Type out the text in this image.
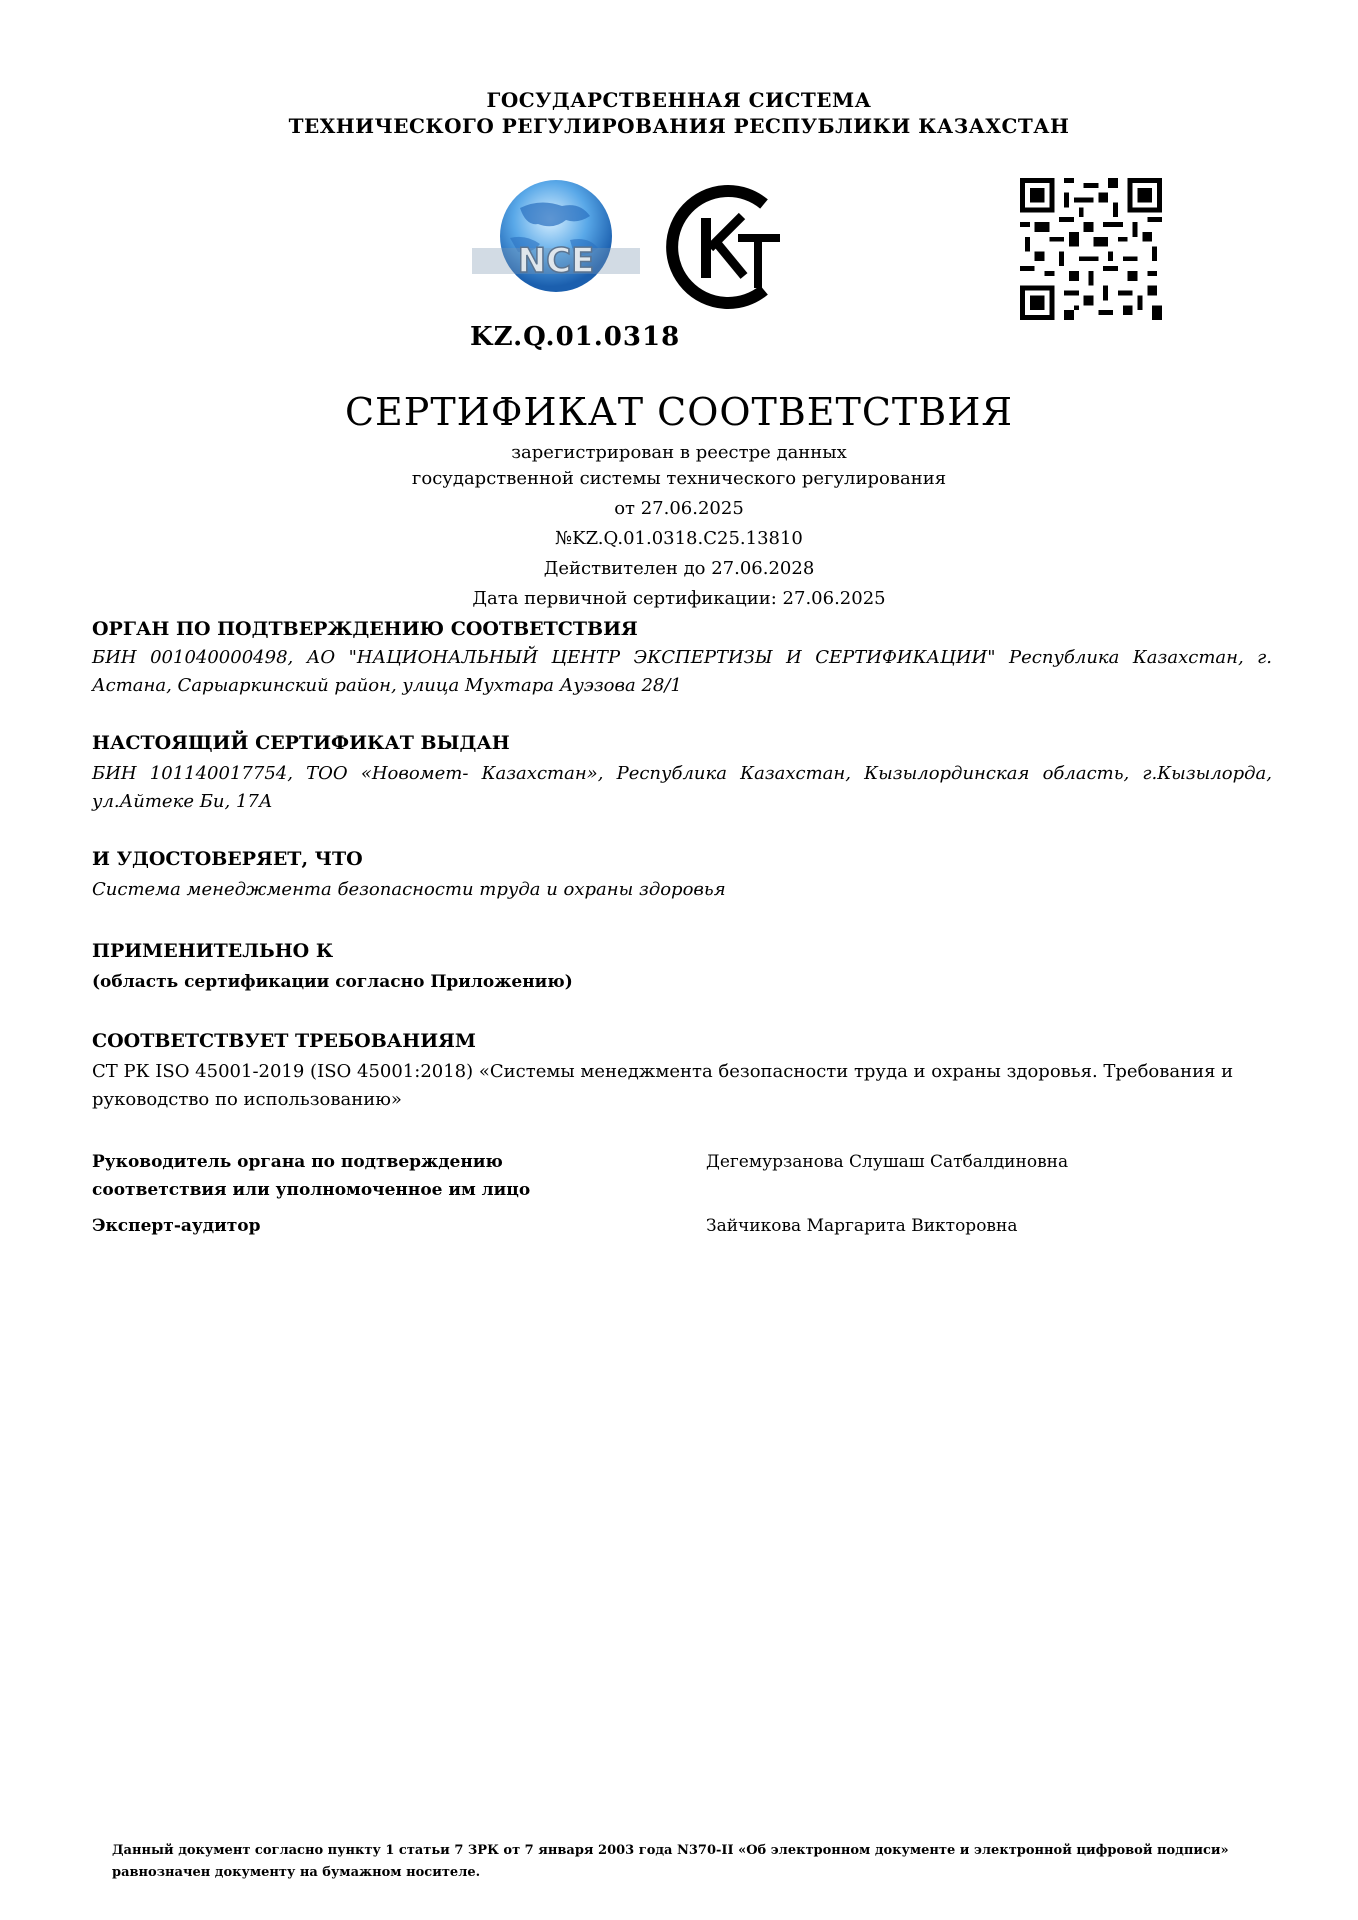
ГОСУДАРСТВЕННАЯ СИСТЕМА
ТЕХНИЧЕСКОГО РЕГУЛИРОВАНИЯ РЕСПУБЛИКИ КАЗАХСТАН
NCE
KZ.Q.01.0318
СЕРТИФИКАТ СООТВЕТСТВИЯ
зарегистрирован в реестре данных
государственной системы технического регулирования
от 27.06.2025
№KZ.Q.01.0318.С25.13810
Действителен до 27.06.2028
Дата первичной сертификации: 27.06.2025
ОРГАН ПО ПОДТВЕРЖДЕНИЮ СООТВЕТСТВИЯ
БИН 001040000498, АО "НАЦИОНАЛЬНЫЙ ЦЕНТР ЭКСПЕРТИЗЫ И СЕРТИФИКАЦИИ" Республика Казахстан, г. Астана, Сарыаркинский район, улица Мухтара Ауэзова 28/1
НАСТОЯЩИЙ СЕРТИФИКАТ ВЫДАН
БИН 101140017754, ТОО «Новомет- Казахстан», Республика Казахстан, Кызылординская область, г.Кызылорда, ул.Айтеке Би, 17А
И УДОСТОВЕРЯЕТ, ЧТО
Система менеджмента безопасности труда и охраны здоровья
ПРИМЕНИТЕЛЬНО К
(область сертификации согласно Приложению)
СООТВЕТСТВУЕТ ТРЕБОВАНИЯМ
СТ РК ISO 45001-2019 (ISO 45001:2018) «Системы менеджмента безопасности труда и охраны здоровья. Требования и руководство по использованию»
Руководитель органа по подтверждению соответствия или уполномоченное им лицо
Дегемурзанова Слушаш Сатбалдиновна
Эксперт-аудитор	Зайчикова Маргарита Викторовна
Данный документ согласно пункту 1 статьи 7 ЗРК от 7 января 2003 года N370-II «Об электронном документе и электронной цифровой подписи» равнозначен документу на бумажном носителе.
